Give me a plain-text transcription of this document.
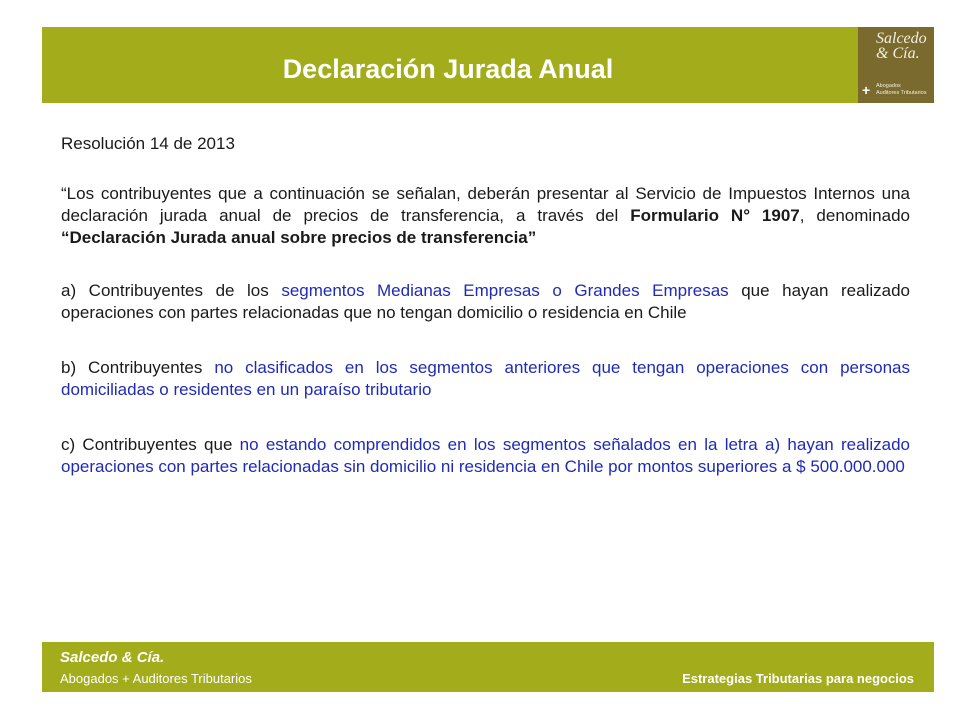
Declaración Jurada Anual
Salcedo
& Cía.
+ Abogados
Auditores Tributarios

Resolución 14 de 2013

“Los contribuyentes que a continuación se señalan, deberán presentar al Servicio de Impuestos Internos una declaración jurada anual de precios de transferencia, a través del Formulario N° 1907, denominado “Declaración Jurada anual sobre precios de transferencia”

a) Contribuyentes de los segmentos Medianas Empresas o Grandes Empresas que hayan realizado operaciones con partes relacionadas que no tengan domicilio o residencia en Chile

b) Contribuyentes no clasificados en los segmentos anteriores que tengan operaciones con personas domiciliadas o residentes en un paraíso tributario

c) Contribuyentes que no estando comprendidos en los segmentos señalados en la letra a) hayan realizado operaciones con partes relacionadas sin domicilio ni residencia en Chile por montos superiores a $ 500.000.000

Salcedo & Cía.
Abogados + Auditores Tributarios	Estrategias Tributarias para negocios
